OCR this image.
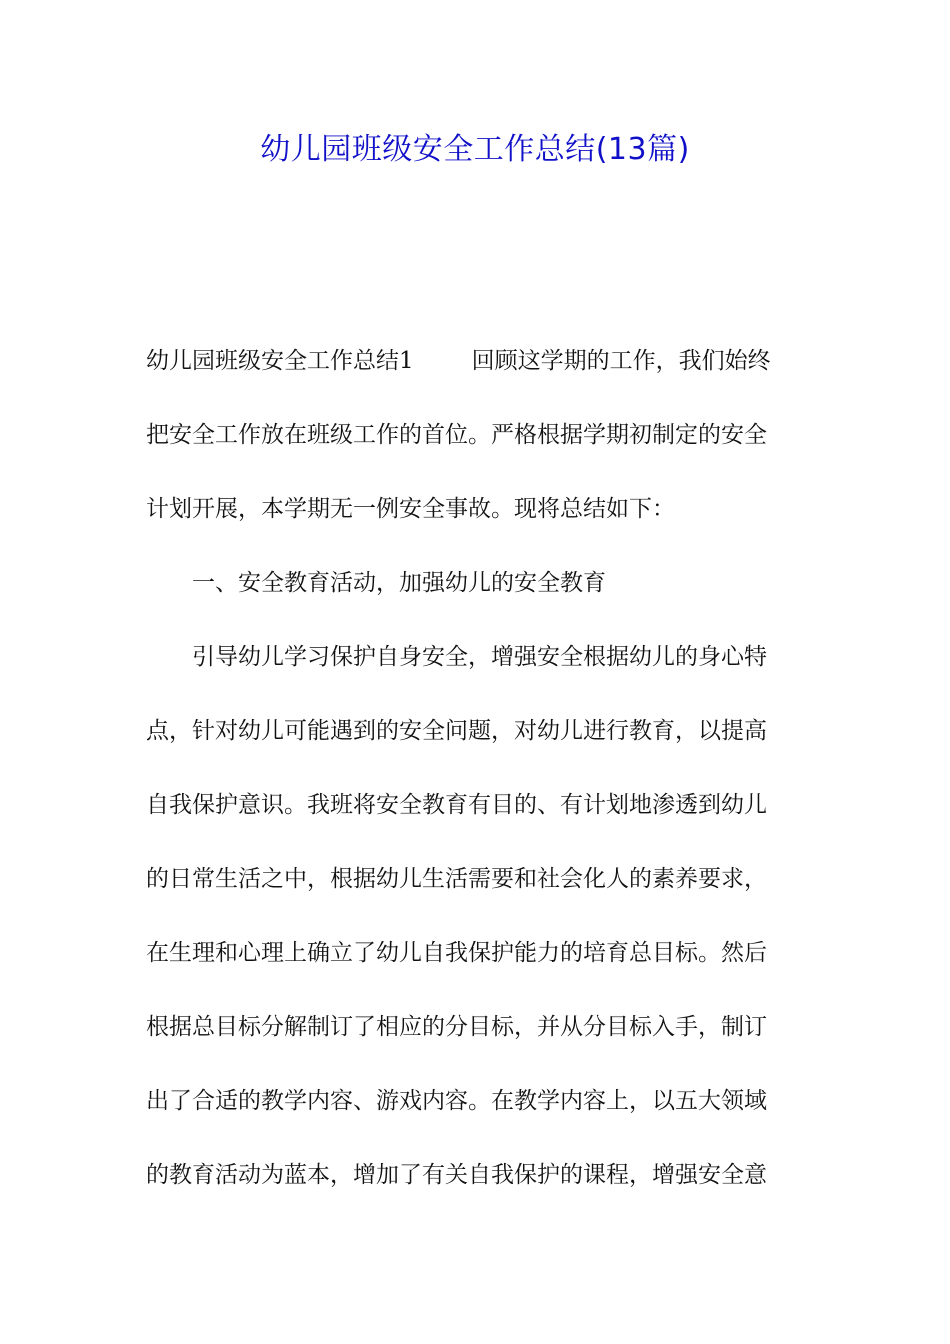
幼儿园班级安全工作总结(13篇)

幼儿园班级安全工作总结1	回顾这学期的工作，我们始终

把安全工作放在班级工作的首位。严格根据学期初制定的安全

计划开展，本学期无一例安全事故。现将总结如下：

一、安全教育活动，加强幼儿的安全教育

引导幼儿学习保护自身安全，增强安全根据幼儿的身心特

点，针对幼儿可能遇到的安全问题，对幼儿进行教育，以提高

自我保护意识。我班将安全教育有目的、有计划地渗透到幼儿

的日常生活之中，根据幼儿生活需要和社会化人的素养要求，

在生理和心理上确立了幼儿自我保护能力的培育总目标。然后

根据总目标分解制订了相应的分目标，并从分目标入手，制订

出了合适的教学内容、游戏内容。在教学内容上，以五大领域

的教育活动为蓝本，增加了有关自我保护的课程，增强安全意
